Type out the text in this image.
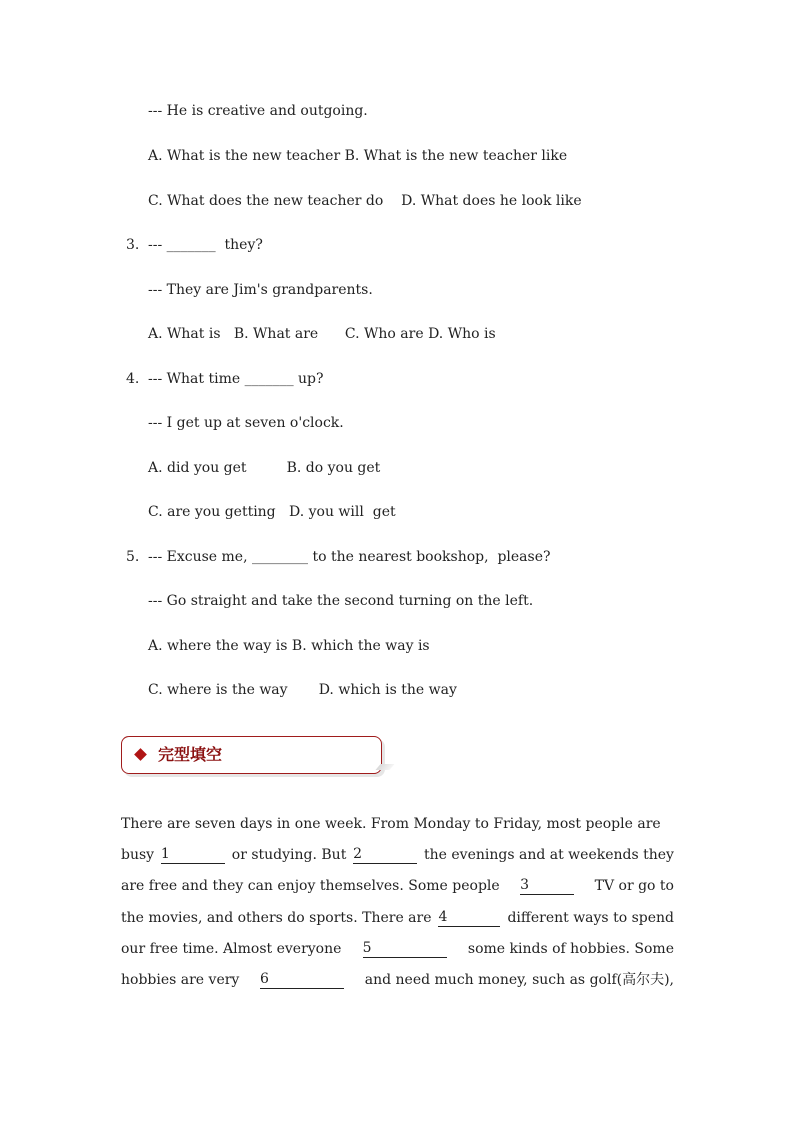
--- He is creative and outgoing.
A. What is the new teacher B. What is the new teacher like
C. What does the new teacher do    D. What does he look like
3. --- _______  they?
--- They are Jim's grandparents.
A. What is   B. What are      C. Who are D. Who is
4. --- What time _______ up?
--- I get up at seven o'clock.
A. did you get         B. do you get
C. are you getting   D. you will  get
5. --- Excuse me, ________ to the nearest bookshop,  please?
--- Go straight and take the second turning on the left.
A. where the way is B. which the way is
C. where is the way       D. which is the way
完型填空
There are seven days in one week. From Monday to Friday, most people are
busy 1	or studying. But 2	the evenings and at weekends they
are free and they can enjoy themselves. Some people 3	TV or go to
the movies, and others do sports. There are 4	different ways to spend
our free time. Almost everyone 5	some kinds of hobbies. Some
hobbies are very 6	and need much money, such as golf(高尔夫),
